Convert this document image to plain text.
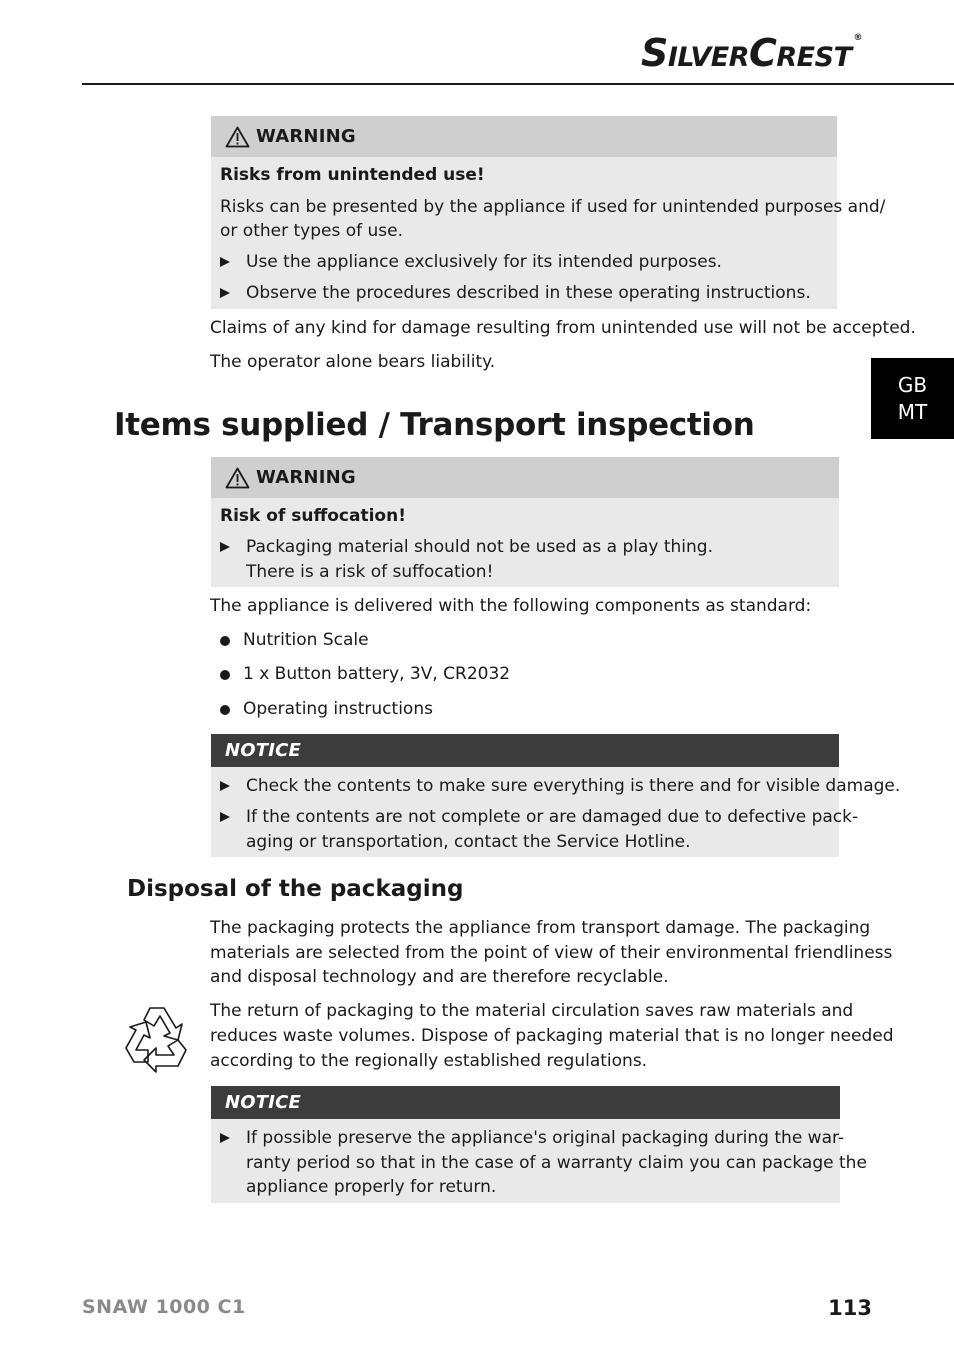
SILVERCREST®
GB
MT
WARNING
Risks from unintended use!
Risks can be presented by the appliance if used for unintended purposes and/
or other types of use.
Use the appliance exclusively for its intended purposes.
Observe the procedures described in these operating instructions.
Claims of any kind for damage resulting from unintended use will not be accepted.
The operator alone bears liability.
Items supplied / Transport inspection
WARNING
Risk of suffocation!
Packaging material should not be used as a play thing.
There is a risk of suffocation!
The appliance is delivered with the following components as standard:
Nutrition Scale
1 x Button battery, 3V, CR2032
Operating instructions
NOTICE
Check the contents to make sure everything is there and for visible damage.
If the contents are not complete or are damaged due to defective pack-
aging or transportation, contact the Service Hotline.
Disposal of the packaging
The packaging protects the appliance from transport damage. The packaging
materials are selected from the point of view of their environmental friendliness
and disposal technology and are therefore recyclable.
The return of packaging to the material circulation saves raw materials and
reduces waste volumes. Dispose of packaging material that is no longer needed
according to the regionally established regulations.
NOTICE
If possible preserve the appliance's original packaging during the war-
ranty period so that in the case of a warranty claim you can package the
appliance properly for return.
SNAW 1000 C1	113
